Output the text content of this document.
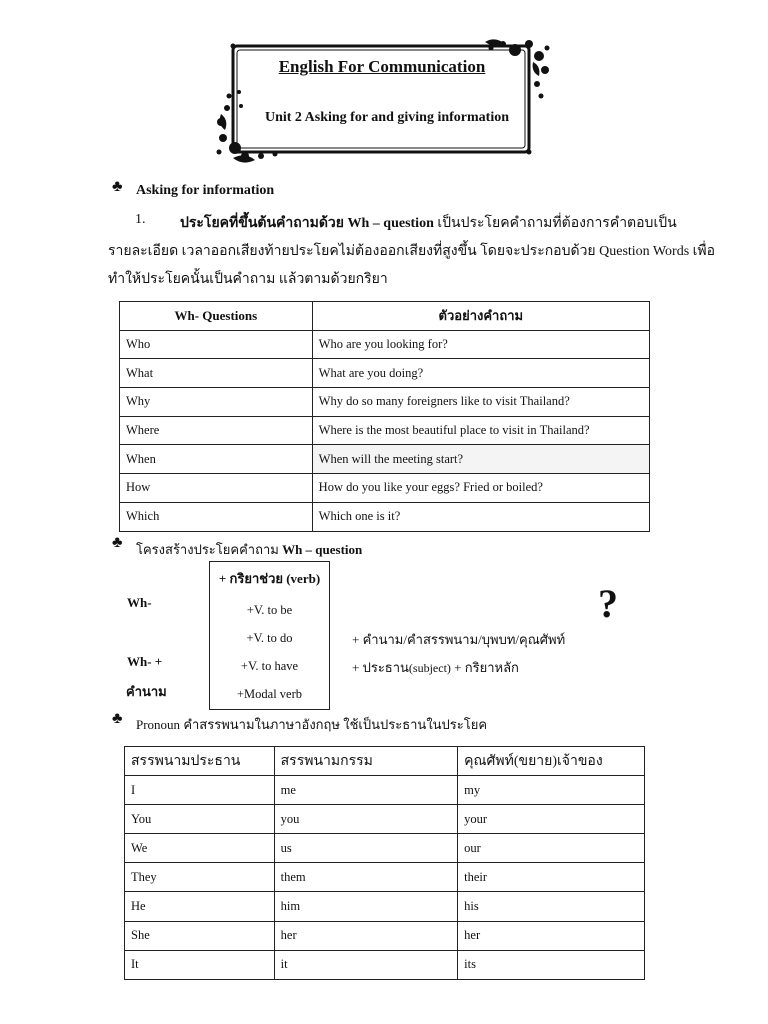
English For Communication
Unit 2 Asking for and giving information
♣ Asking for information
1. ประโยคที่ขึ้นต้นคำถามด้วย Wh – question เป็นประโยคคำถามที่ต้องการคำตอบเป็น
รายละเอียด เวลาออกเสียงท้ายประโยคไม่ต้องออกเสียงที่สูงขึ้น โดยจะประกอบด้วย Question Words เพื่อ
ทำให้ประโยคนั้นเป็นคำถาม แล้วตามด้วยกริยา
Wh- Questions	ตัวอย่างคำถาม
Who	Who are you looking for?
What	What are you doing?
Why	Why do so many foreigners like to visit Thailand?
Where	Where is the most beautiful place to visit in Thailand?
When	When will the meeting start?
How	How do you like your eggs? Fried or boiled?
Which	Which one is it?
♣ โครงสร้างประโยคคำถาม Wh – question
Wh-
Wh- +
คำนาม
+ กริยาช่วย (verb)
+V. to be
+V. to do
+V. to have
+Modal verb
+ คำนาม/คำสรรพนาม/บุพบท/คุณศัพท์
+ ประธาน(subject) + กริยาหลัก
?
♣ Pronoun คำสรรพนามในภาษาอังกฤษ ใช้เป็นประธานในประโยค
สรรพนามประธาน	สรรพนามกรรม	คุณศัพท์(ขยาย)เจ้าของ
I	me	my
You	you	your
We	us	our
They	them	their
He	him	his
She	her	her
It	it	its
